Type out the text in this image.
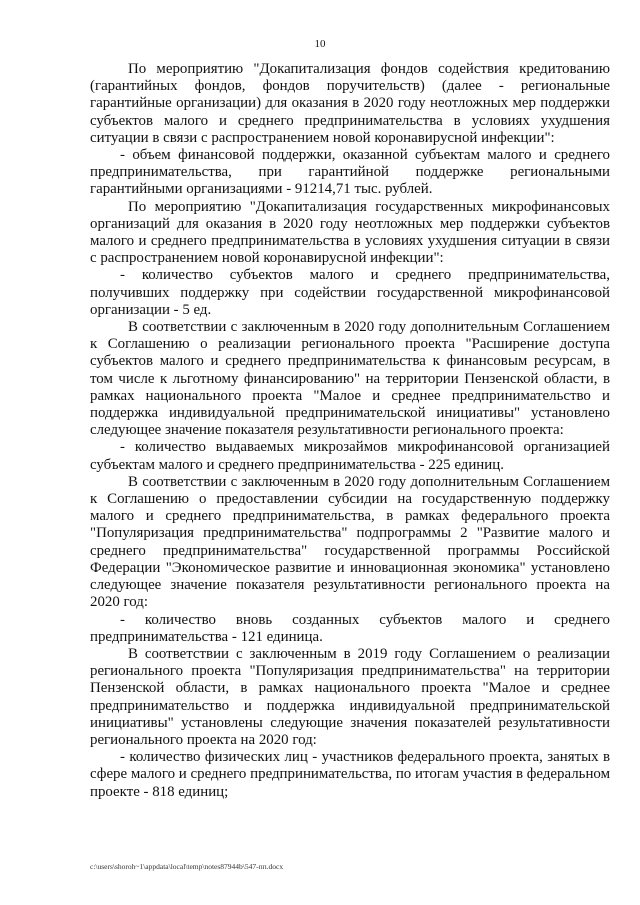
10

По мероприятию "Докапитализация фондов содействия кредитованию (гарантийных фондов, фондов поручительств) (далее - региональные гарантийные организации) для оказания в 2020 году неотложных мер поддержки субъектов малого и среднего предпринимательства в условиях ухудшения ситуации в связи с распространением новой коронавирусной инфекции":

- объем финансовой поддержки, оказанной субъектам малого и среднего предпринимательства, при гарантийной поддержке региональными гарантийными организациями - 91214,71 тыс. рублей.

По мероприятию "Докапитализация государственных микрофинансовых организаций для оказания в 2020 году неотложных мер поддержки субъектов малого и среднего предпринимательства в условиях ухудшения ситуации в связи с распространением новой коронавирусной инфекции":

- количество субъектов малого и среднего предпринимательства, получивших поддержку при содействии государственной микрофинансовой организации - 5 ед.

В соответствии с заключенным в 2020 году дополнительным Соглашением к Соглашению о реализации регионального проекта "Расширение доступа субъектов малого и среднего предпринимательства к финансовым ресурсам, в том числе к льготному финансированию" на территории Пензенской области, в рамках национального проекта "Малое и среднее предпринимательство и поддержка индивидуальной предпринимательской инициативы" установлено следующее значение показателя результативности регионального проекта:

- количество выдаваемых микрозаймов микрофинансовой организацией субъектам малого и среднего предпринимательства - 225 единиц.

В соответствии с заключенным в 2020 году дополнительным Соглашением к Соглашению о предоставлении субсидии на государственную поддержку малого и среднего предпринимательства, в рамках федерального проекта "Популяризация предпринимательства" подпрограммы 2 "Развитие малого и среднего предпринимательства" государственной программы Российской Федерации "Экономическое развитие и инновационная экономика" установлено следующее значение показателя результативности регионального проекта на 2020 год:

- количество вновь созданных субъектов малого и среднего предпринимательства - 121 единица.

В соответствии с заключенным в 2019 году Соглашением о реализации регионального проекта "Популяризация предпринимательства" на территории Пензенской области, в рамках национального проекта "Малое и среднее предпринимательство и поддержка индивидуальной предпринимательской инициативы" установлены следующие значения показателей результативности регионального проекта на 2020 год:

- количество физических лиц - участников федерального проекта, занятых в сфере малого и среднего предпринимательства, по итогам участия в федеральном проекте - 818 единиц;

c:\users\shoroh~1\appdata\local\temp\notes87944b\547-пп.docx
